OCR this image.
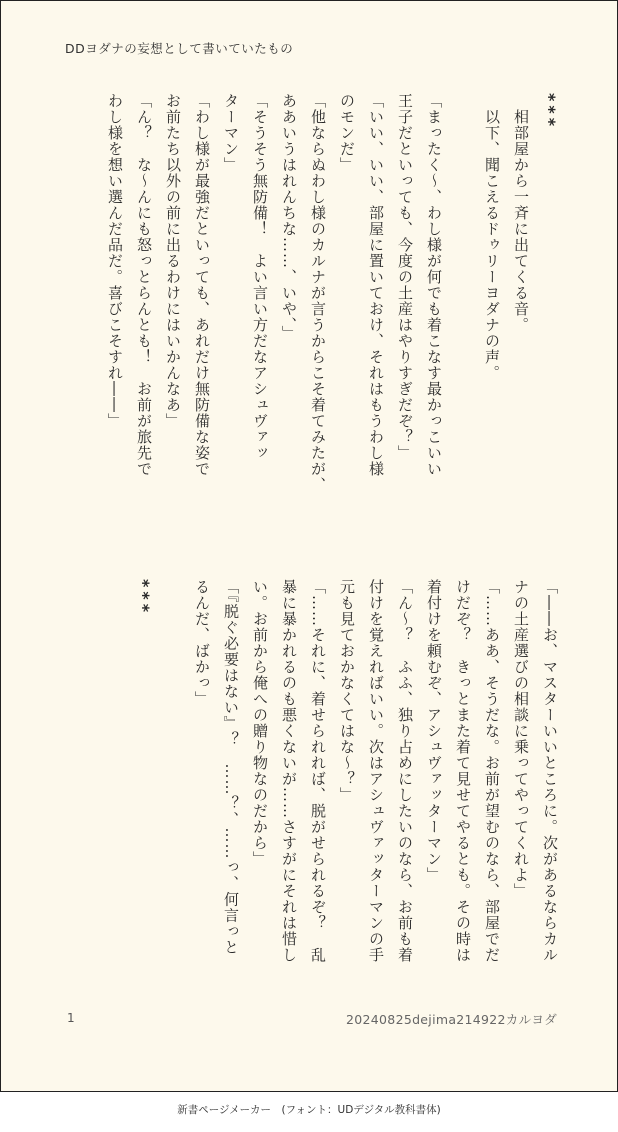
DDヨダナの妄想として書いていたもの
***
　相部屋から一斉に出てくる音。
　以下、聞こえるドゥリーヨダナの声。

「まったく〜、わし様が何でも着こなす最かっこいい
王子だといっても、今度の土産はやりすぎだぞ？」
「いい、いい、部屋に置いておけ、それはもうわし様
のモンだ」
「他ならぬわし様のカルナが言うからこそ着てみたが、
ああいうはれんちな……、いや、」
「そうそう無防備！　よい言い方だなアシュヴァッ
ターマン」
「わし様が最強だといっても、あれだけ無防備な姿で
お前たち以外の前に出るわけにはいかんなあ」
「ん？　な〜んにも怒っとらんとも！　お前が旅先で
わし様を想い選んだ品だ。喜びこそすれ――」
「――お、マスターいいところに。次があるならカル
ナの土産選びの相談に乗ってやってくれよ」
「……ああ、そうだな。お前が望むのなら、部屋でだ
けだぞ？　きっとまた着て見せてやるとも。その時は
着付けを頼むぞ、アシュヴァッターマン」
「ん〜？　ふふ、独り占めにしたいのなら、お前も着
付けを覚えればいい。次はアシュヴァッターマンの手
元も見ておかなくてはな〜？」
「……それに、着せられれば、脱がせられるぞ？　乱
暴に暴かれるのも悪くないが……さすがにそれは惜し
い。お前から俺への贈り物なのだから」
「『脱ぐ必要はない』？　……？、……っ、何言っと
るんだ、ばかっ」

***
1	20240825dejima214922カルヨダ
新書ページメーカー　(フォント：UDデジタル教科書体)
